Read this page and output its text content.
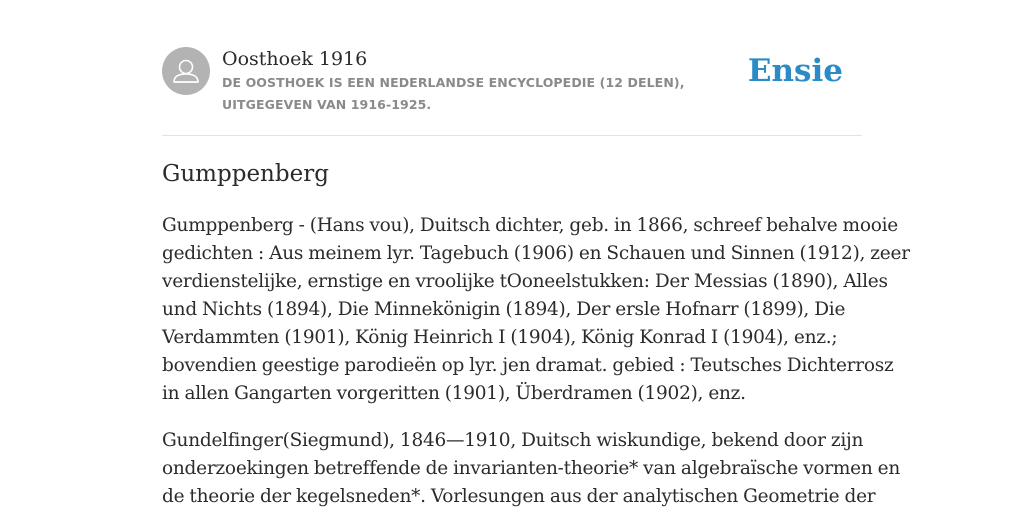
Oosthoek 1916
DE OOSTHOEK IS EEN NEDERLANDSE ENCYCLOPEDIE (12 DELEN), UITGEGEVEN VAN 1916-1925.
Ensie
Gumppenberg

Gumppenberg - (Hans vou), Duitsch dichter, geb. in 1866, schreef behalve mooie
gedichten : Aus meinem lyr. Tagebuch (1906) en Schauen und Sinnen (1912), zeer
verdienstelijke, ernstige en vroolijke tOoneelstukken: Der Messias (1890), Alles
und Nichts (1894), Die Minnekönigin (1894), Der ersle Hofnarr (1899), Die
Verdammten (1901), König Heinrich I (1904), König Konrad I (1904), enz.;
bovendien geestige parodieën op lyr. jen dramat. gebied : Teutsches Dichterrosz
in allen Gangarten vorgeritten (1901), Überdramen (1902), enz.

Gundelfinger(Siegmund), 1846—1910, Duitsch wiskundige, bekend door zijn
onderzoekingen betreffende de invarianten-theorie* van algebraïsche vormen en
de theorie der kegelsneden*. Vorlesungen aus der analytischen Geometrie der
